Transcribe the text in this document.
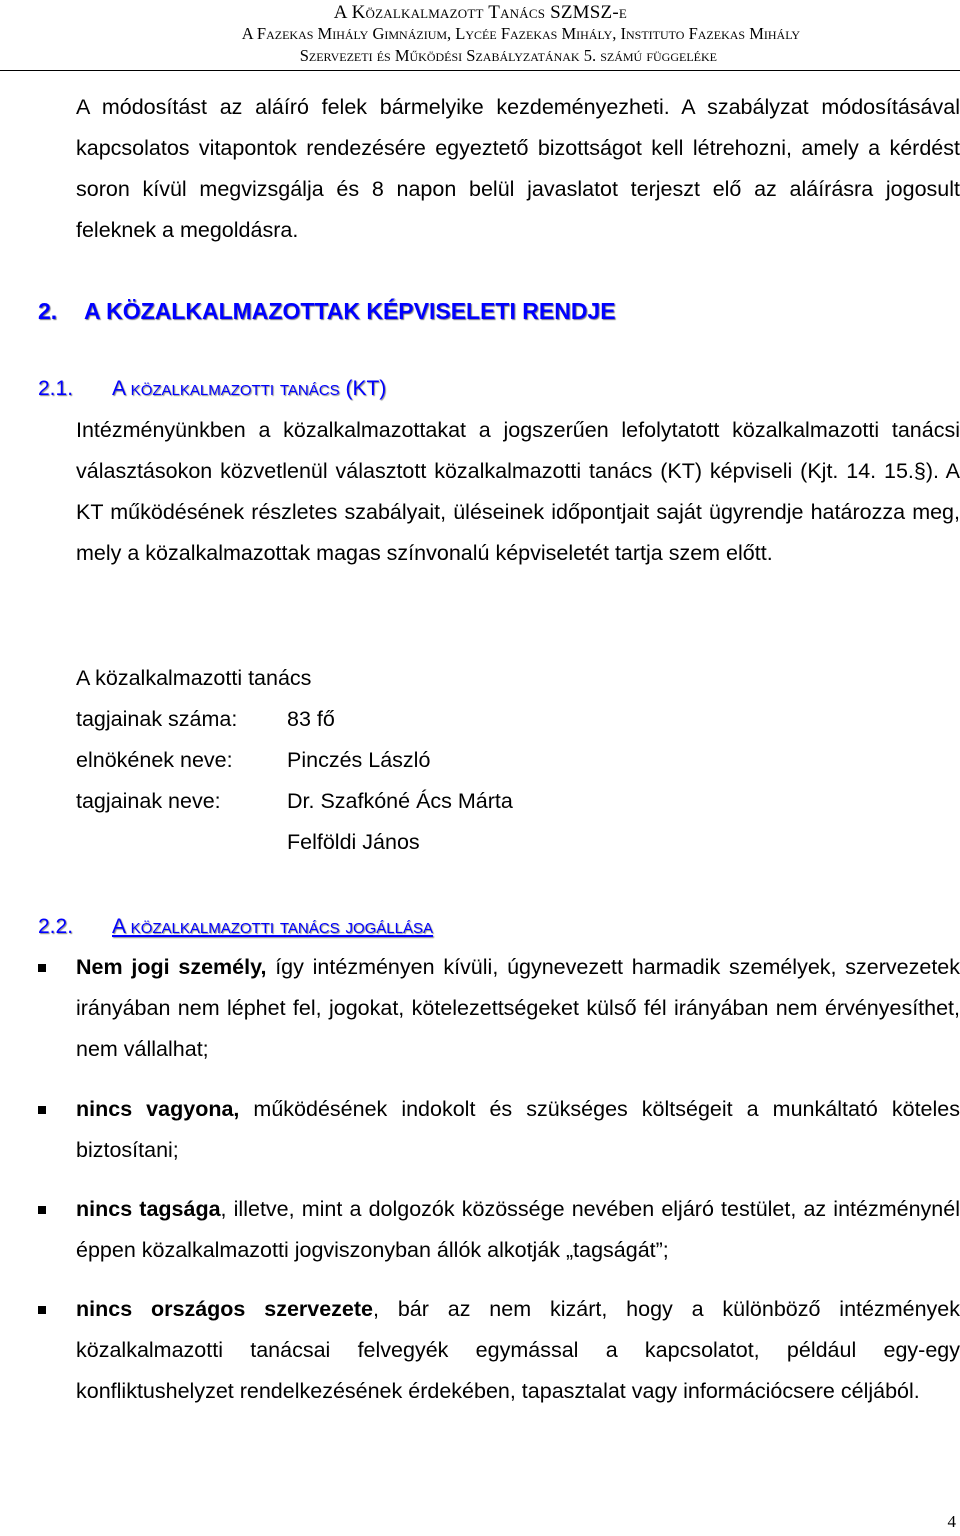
A Közalkalmazott Tanács SZMSZ-e
A Fazekas Mihály Gimnázium, Lycée Fazekas Mihály, Instituto Fazekas Mihály
Szervezeti és Működési Szabályzatának 5. számú függeléke
A módosítást az aláíró felek bármelyike kezdeményezheti. A szabályzat módosításával kapcsolatos vitapontok rendezésére egyeztető bizottságot kell létrehozni, amely a kérdést soron kívül megvizsgálja és 8 napon belül javaslatot terjeszt elő az aláírásra jogosult feleknek a megoldásra.
2. A KÖZALKALMAZOTTAK KÉPVISELETI RENDJE
2.1. A közalkalmazotti tanács (KT)
Intézményünkben a közalkalmazottakat a jogszerűen lefolytatott közalkalmazotti tanácsi választásokon közvetlenül választott közalkalmazotti tanács (KT) képviseli (Kjt. 14. 15.§). A KT működésének részletes szabályait, üléseinek időpontjait saját ügyrendje határozza meg, mely a közalkalmazottak magas színvonalú képviseletét tartja szem előtt.
A közalkalmazotti tanács
tagjainak száma: 83 fő
elnökének neve:	Pinczés László
tagjainak neve:	Dr. Szafkóné Ács Márta
Felföldi János
2.2. A közalkalmazotti tanács jogállása
Nem jogi személy, így intézményen kívüli, úgynevezett harmadik személyek, szervezetek irányában nem léphet fel, jogokat, kötelezettségeket külső fél irányában nem érvényesíthet, nem vállalhat;
nincs vagyona, működésének indokolt és szükséges költségeit a munkáltató köteles biztosítani;
nincs tagsága, illetve, mint a dolgozók közössége nevében eljáró testület, az intézménynél éppen közalkalmazotti jogviszonyban állók alkotják „tagságát”;
nincs országos szervezete, bár az nem kizárt, hogy a különböző intézmények közalkalmazotti tanácsai felvegyék egymással a kapcsolatot, például egy-egy konfliktushelyzet rendelkezésének érdekében, tapasztalat vagy információcsere céljából.
4
